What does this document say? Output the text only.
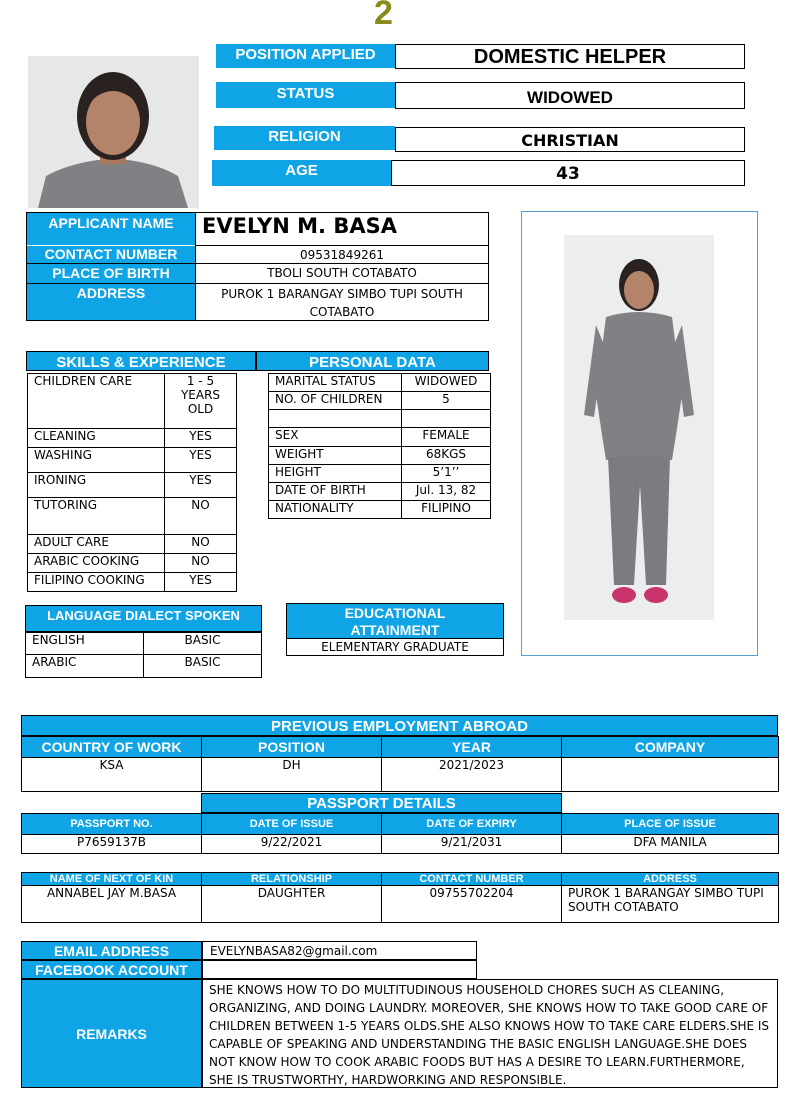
2
POSITION APPLIED	DOMESTIC HELPER
STATUS	WIDOWED
RELIGION	CHRISTIAN
AGE	43
APPLICANT NAME	EVELYN M. BASA
CONTACT NUMBER	09531849261
PLACE OF BIRTH	TBOLI SOUTH COTABATO
ADDRESS	PUROK 1 BARANGAY SIMBO TUPI SOUTH COTABATO
SKILLS & EXPERIENCE	PERSONAL DATA
CHILDREN CARE	1 - 5 YEARS OLD
CLEANING	YES
WASHING	YES
IRONING	YES
TUTORING	NO
ADULT CARE	NO
ARABIC COOKING	NO
FILIPINO COOKING	YES
MARITAL STATUS	WIDOWED
NO. OF CHILDREN	5

SEX	FEMALE
WEIGHT	68KGS
HEIGHT	5’1’’
DATE OF BIRTH	Jul. 13, 82
NATIONALITY	FILIPINO
LANGUAGE DIALECT SPOKEN
ENGLISH	BASIC
ARABIC	BASIC
EDUCATIONAL ATTAINMENT
ELEMENTARY GRADUATE
PREVIOUS EMPLOYMENT ABROAD
COUNTRY OF WORK	POSITION	YEAR	COMPANY
KSA	DH	2021/2023	
PASSPORT DETAILS
PASSPORT NO.	DATE OF ISSUE	DATE OF EXPIRY	PLACE OF ISSUE
P7659137B	9/22/2021	9/21/2031	DFA MANILA
NAME OF NEXT OF KIN	RELATIONSHIP	CONTACT NUMBER	ADDRESS
ANNABEL JAY M.BASA	DAUGHTER	09755702204	PUROK 1 BARANGAY SIMBO TUPI SOUTH COTABATO
EMAIL ADDRESS	EVELYNBASA82@gmail.com
FACEBOOK ACCOUNT
REMARKS
SHE KNOWS HOW TO DO MULTITUDINOUS HOUSEHOLD CHORES SUCH AS CLEANING, ORGANIZING, AND DOING LAUNDRY. MOREOVER, SHE KNOWS HOW TO TAKE GOOD CARE OF CHILDREN BETWEEN 1-5 YEARS OLDS.SHE ALSO KNOWS HOW TO TAKE CARE ELDERS.SHE IS CAPABLE OF SPEAKING AND UNDERSTANDING THE BASIC ENGLISH LANGUAGE.SHE DOES NOT KNOW HOW TO COOK ARABIC FOODS BUT HAS A DESIRE TO LEARN.FURTHERMORE, SHE IS TRUSTWORTHY, HARDWORKING AND RESPONSIBLE.
